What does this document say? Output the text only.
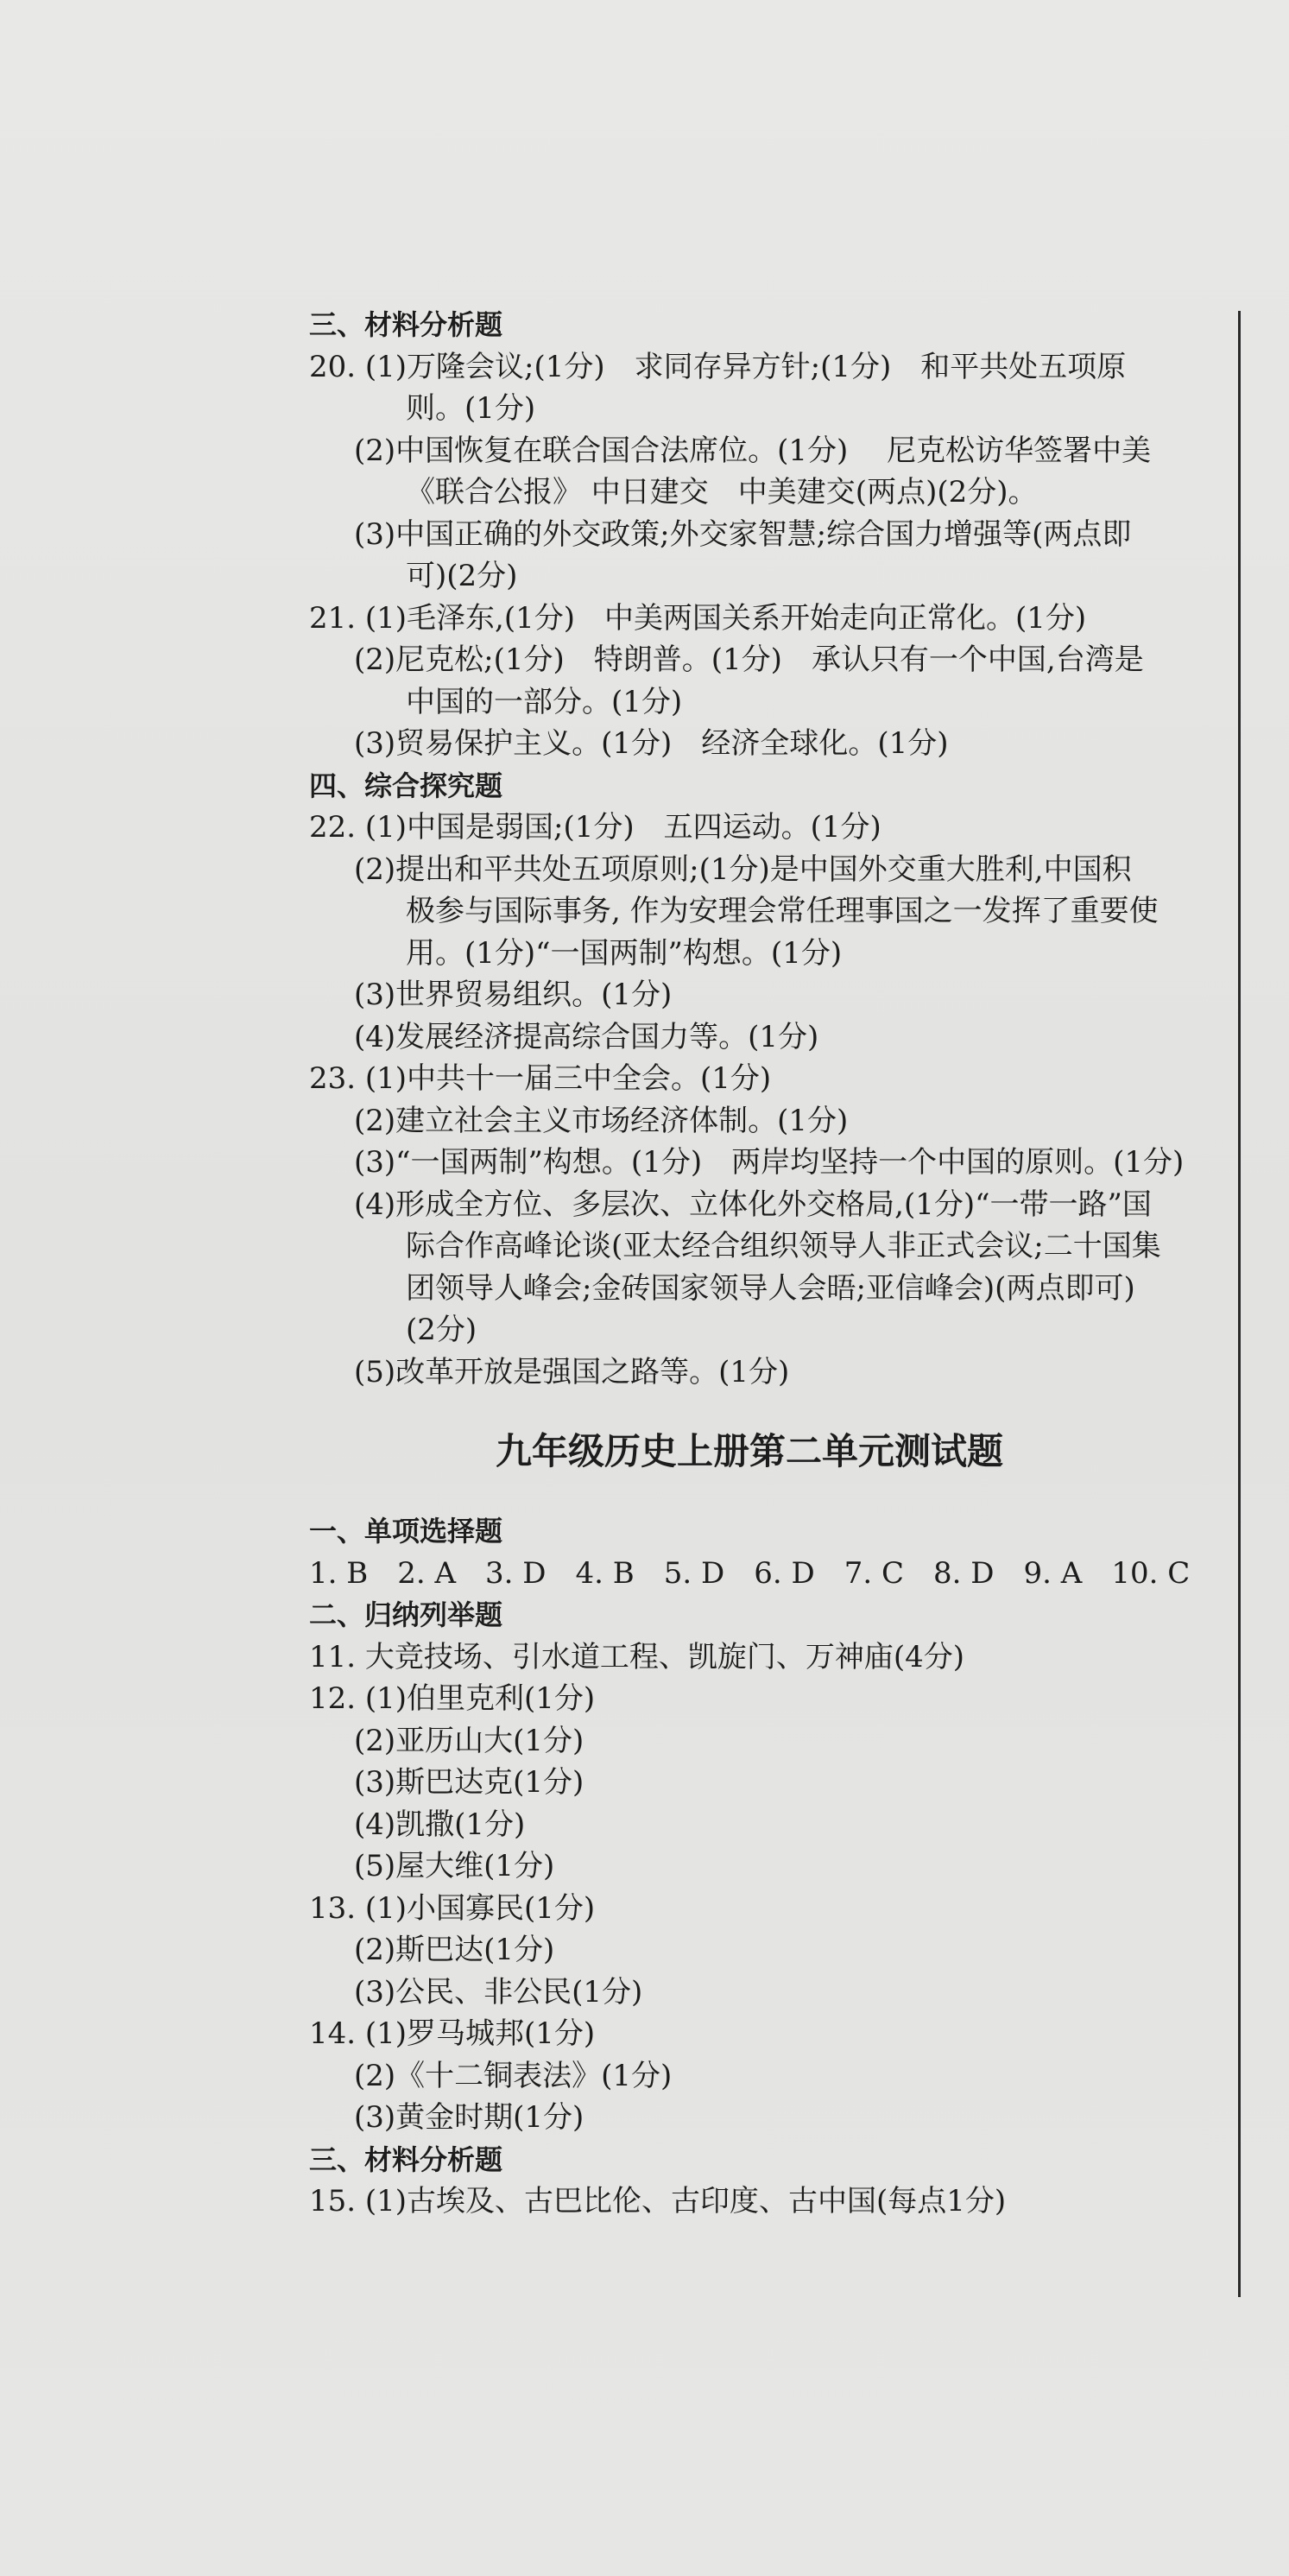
三、材料分析题
20. (1)万隆会议;(1分)　求同存异方针;(1分)　和平共处五项原
则。(1分)
(2)中国恢复在联合国合法席位。(1分)　 尼克松访华签署中美
《联合公报》 中日建交　中美建交(两点)(2分)。
(3)中国正确的外交政策;外交家智慧;综合国力增强等(两点即
可)(2分)
21. (1)毛泽东,(1分)　中美两国关系开始走向正常化。(1分)
(2)尼克松;(1分)　特朗普。(1分)　承认只有一个中国,台湾是
中国的一部分。(1分)
(3)贸易保护主义。(1分)　经济全球化。(1分)
四、综合探究题
22. (1)中国是弱国;(1分)　五四运动。(1分)
(2)提出和平共处五项原则;(1分)是中国外交重大胜利,中国积
极参与国际事务, 作为安理会常任理事国之一发挥了重要使
用。(1分)“一国两制”构想。(1分)
(3)世界贸易组织。(1分)
(4)发展经济提高综合国力等。(1分)
23. (1)中共十一届三中全会。(1分)
(2)建立社会主义市场经济体制。(1分)
(3)“一国两制”构想。(1分)　两岸均坚持一个中国的原则。(1分)
(4)形成全方位、多层次、立体化外交格局,(1分)“一带一路”国
际合作高峰论谈(亚太经合组织领导人非正式会议;二十国集
团领导人峰会;金砖国家领导人会晤;亚信峰会)(两点即可)
(2分)
(5)改革开放是强国之路等。(1分)
九年级历史上册第二单元测试题
一、单项选择题
1. B　2. A　3. D　4. B　5. D　6. D　7. C　8. D　9. A　10. C
二、归纳列举题
11. 大竞技场、引水道工程、凯旋门、万神庙(4分)
12. (1)伯里克利(1分)
(2)亚历山大(1分)
(3)斯巴达克(1分)
(4)凯撒(1分)
(5)屋大维(1分)
13. (1)小国寡民(1分)
(2)斯巴达(1分)
(3)公民、非公民(1分)
14. (1)罗马城邦(1分)
(2)《十二铜表法》(1分)
(3)黄金时期(1分)
三、材料分析题
15. (1)古埃及、古巴比伦、古印度、古中国(每点1分)
